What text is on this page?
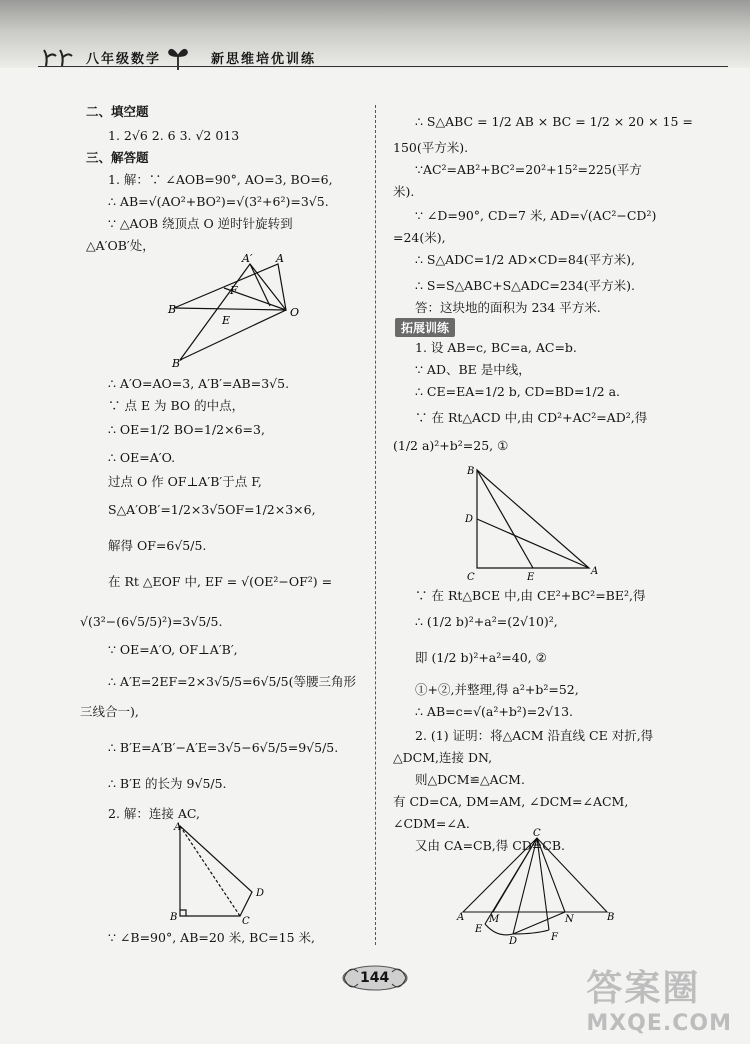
八年级数学	新思维培优训练
二、填空题
1. 2√6 2. 6 3. √2 013
三、解答题
1. 解：∵ ∠AOB=90°, AO=3, BO=6,
∴ AB=√(AO²+BO²)=√(3²+6²)=3√5.
∵ △AOB 绕顶点 O 逆时针旋转到
△A′OB′处，
B
A
A′
F
E
O
B′
∴ A′O=AO=3, A′B′=AB=3√5.
∵ 点 E 为 BO 的中点，
∴ OE=1/2 BO=1/2×6=3,
∴ OE=A′O.
过点 O 作 OF⊥A′B′于点 F,
S△A′OB′=1/2×3√5OF=1/2×3×6,
解得 OF=6√5/5.
在 Rt △EOF 中, EF = √(OE²−OF²) =
√(3²−(6√5/5)²)=3√5/5.
∵ OE=A′O, OF⊥A′B′,
∴ A′E=2EF=2×3√5/5=6√5/5(等腰三角形
三线合一),
∴ B′E=A′B′−A′E=3√5−6√5/5=9√5/5.
∴ B′E 的长为 9√5/5.
2. 解：连接 AC,
A
B	C
D
∵ ∠B=90°, AB=20 米, BC=15 米,
∴ S△ABC = 1/2 AB × BC = 1/2 × 20 × 15 =
150(平方米).
∵AC²=AB²+BC²=20²+15²=225(平方
米).
∵ ∠D=90°, CD=7 米, AD=√(AC²−CD²)
=24(米),
∴ S△ADC=1/2 AD×CD=84(平方米),
∴ S=S△ABC+S△ADC=234(平方米).
答：这块地的面积为 234 平方米.
拓展训练
1. 设 AB=c, BC=a, AC=b.
∵ AD、BE 是中线，
∴ CE=EA=1/2 b, CD=BD=1/2 a.
∵ 在 Rt△ACD 中,由 CD²+AC²=AD²,得
(1/2 a)²+b²=25, ①
B
D
C	E
A
∵ 在 Rt△BCE 中,由 CE²+BC²=BE²,得
∴ (1/2 b)²+a²=(2√10)²,
即 (1/2 b)²+a²=40, ②
①+②,并整理,得 a²+b²=52,
∴ AB=c=√(a²+b²)=2√13.
2. (1) 证明：将△ACM 沿直线 CE 对折,得
△DCM,连接 DN,
则△DCM≌△ACM.
有 CD=CA, DM=AM, ∠DCM=∠ACM,
∠CDM=∠A.
又由 CA=CB,得 CD=CB.
A
C
B
M	N
E
D	F
144	答案圈
MXQE.COM
